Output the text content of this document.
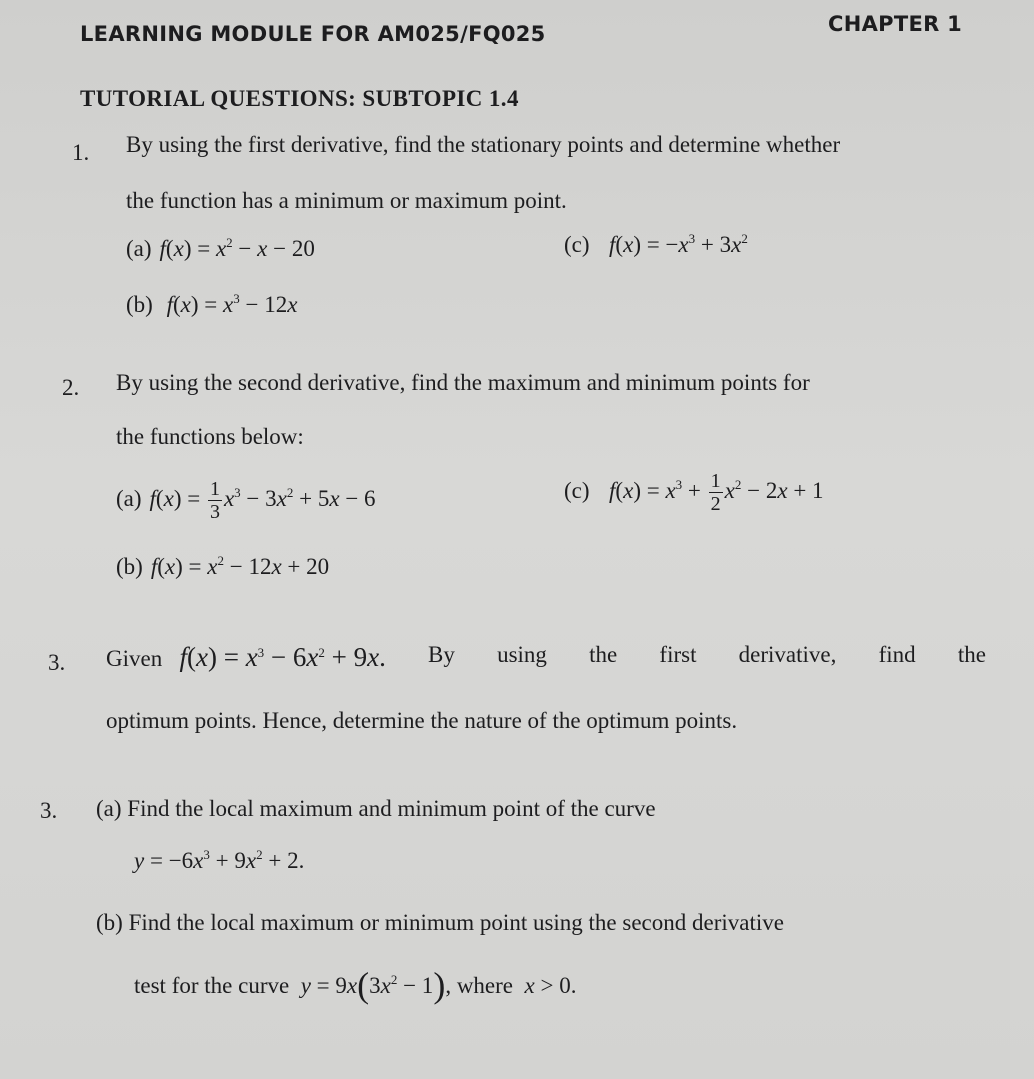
LEARNING MODULE FOR AM025/FQ025	CHAPTER 1
TUTORIAL QUESTIONS: SUBTOPIC 1.4
1. By using the first derivative, find the stationary points and determine whether
the function has a minimum or maximum point.
(a) $f(x) = x^2 - x - 20$	(c) $f(x) = -x^3 + 3x^2$
(b) $f(x) = x^3 - 12x$
2. By using the second derivative, find the maximum and minimum points for
the functions below:
(a) $f(x) = \frac{1}{3} x^3 - 3x^2 + 5x - 6$	(c) $f(x) = x^3 + \frac{1}{2} x^2 - 2x + 1$
(b) $f(x) = x^2 - 12x + 20$
3. Given $f(x) = x^3 - 6x^2 + 9x$. By using the first derivative, find the
optimum points. Hence, determine the nature of the optimum points.
3. (a) Find the local maximum and minimum point of the curve
$y = -6x^3 + 9x^2 + 2$.
(b) Find the local maximum or minimum point using the second derivative
test for the curve $y = 9x(3x^2 - 1)$, where x > 0.
